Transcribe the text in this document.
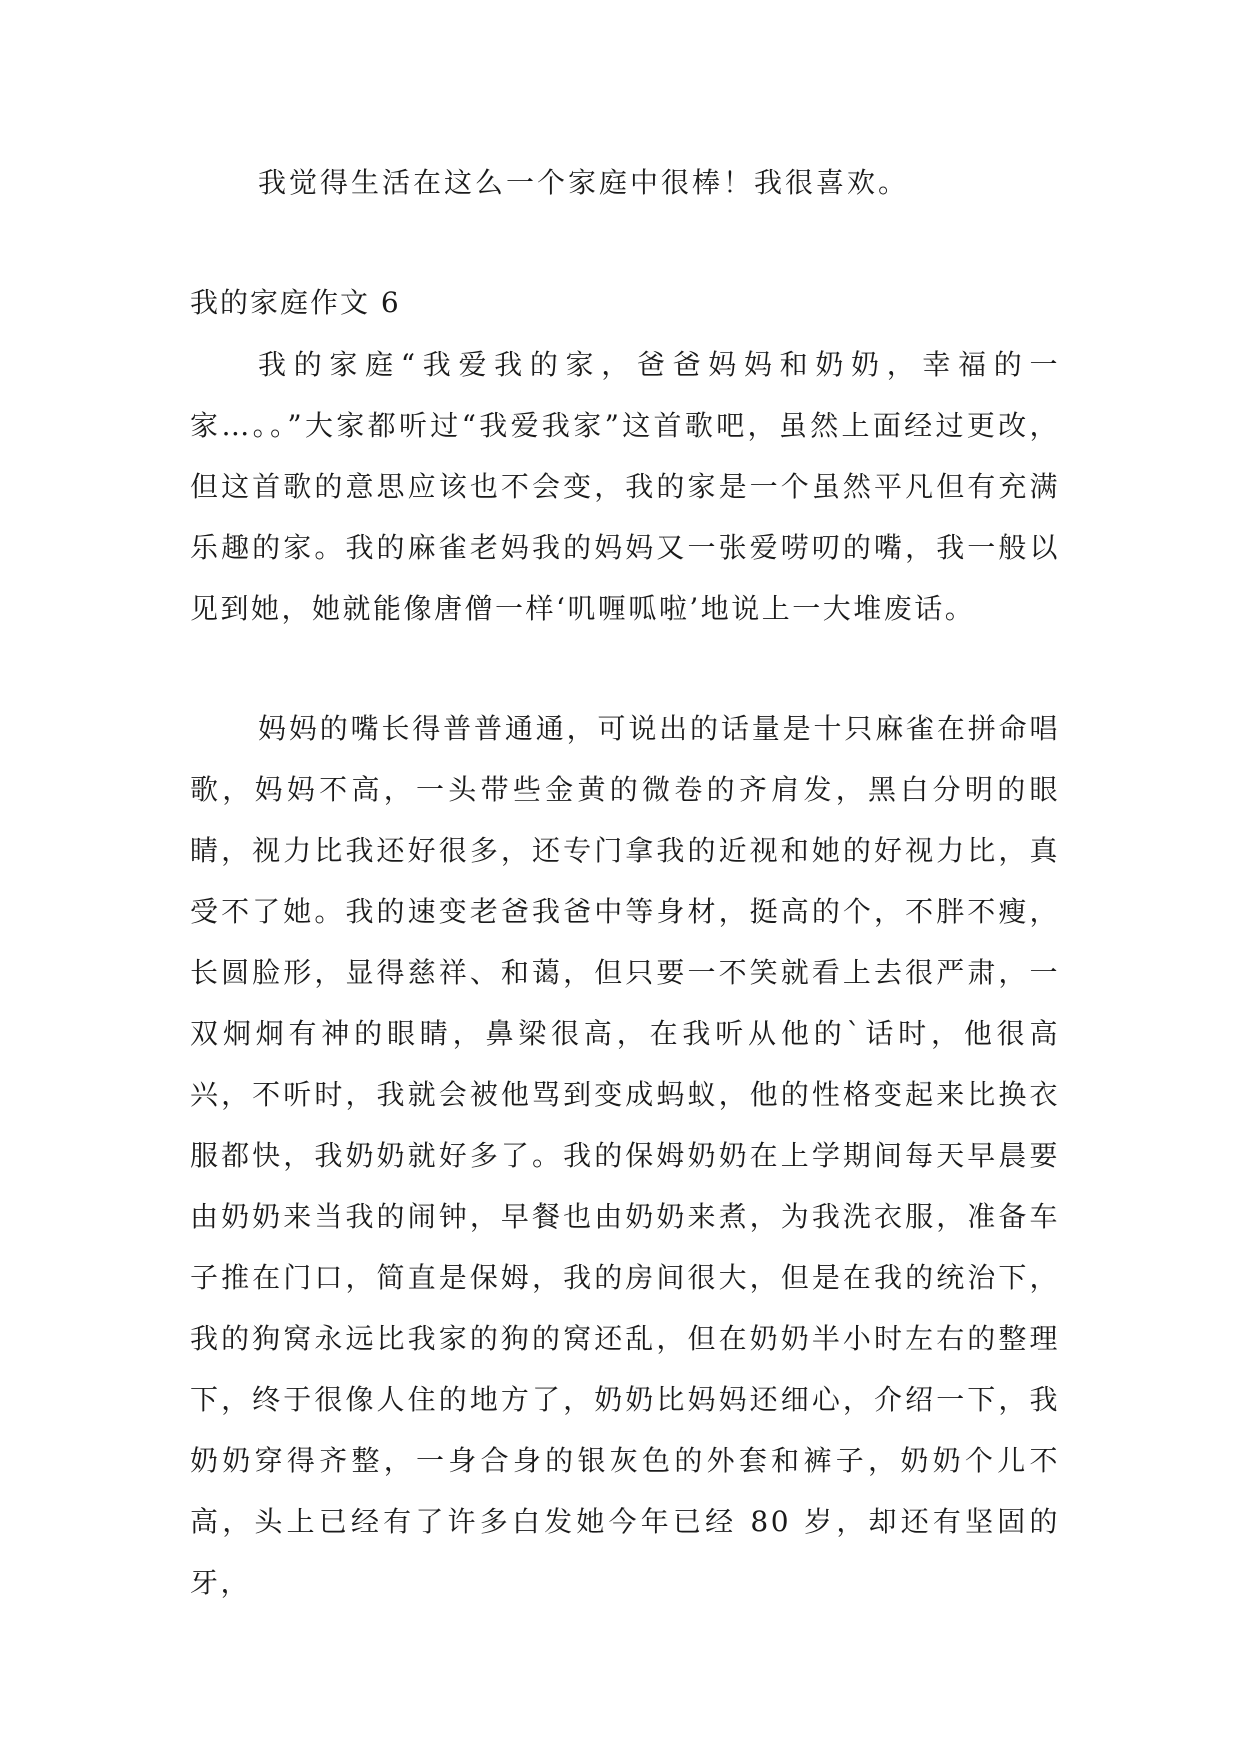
我觉得生活在这么一个家庭中很棒！我很喜欢。

我的家庭作文 6

我的家庭“我爱我的家，爸爸妈妈和奶奶，幸福的一家…。。”大家都听过“我爱我家”这首歌吧，虽然上面经过更改，但这首歌的意思应该也不会变，我的家是一个虽然平凡但有充满乐趣的家。我的麻雀老妈我的妈妈又一张爱唠叨的嘴，我一般以见到她，她就能像唐僧一样‘叽喱呱啦’地说上一大堆废话。

妈妈的嘴长得普普通通，可说出的话量是十只麻雀在拼命唱歌，妈妈不高，一头带些金黄的微卷的齐肩发，黑白分明的眼睛，视力比我还好很多，还专门拿我的近视和她的好视力比，真受不了她。我的速变老爸我爸中等身材，挺高的个，不胖不瘦，长圆脸形，显得慈祥、和蔼，但只要一不笑就看上去很严肃，一双炯炯有神的眼睛，鼻梁很高，在我听从他的`话时，他很高兴，不听时，我就会被他骂到变成蚂蚁，他的性格变起来比换衣服都快，我奶奶就好多了。我的保姆奶奶在上学期间每天早晨要由奶奶来当我的闹钟，早餐也由奶奶来煮，为我洗衣服，准备车子推在门口，简直是保姆，我的房间很大，但是在我的统治下，我的狗窝永远比我家的狗的窝还乱，但在奶奶半小时左右的整理下，终于很像人住的地方了，奶奶比妈妈还细心，介绍一下，我奶奶穿得齐整，一身合身的银灰色的外套和裤子，奶奶个儿不高，头上已经有了许多白发她今年已经 80 岁，却还有坚固的牙，
